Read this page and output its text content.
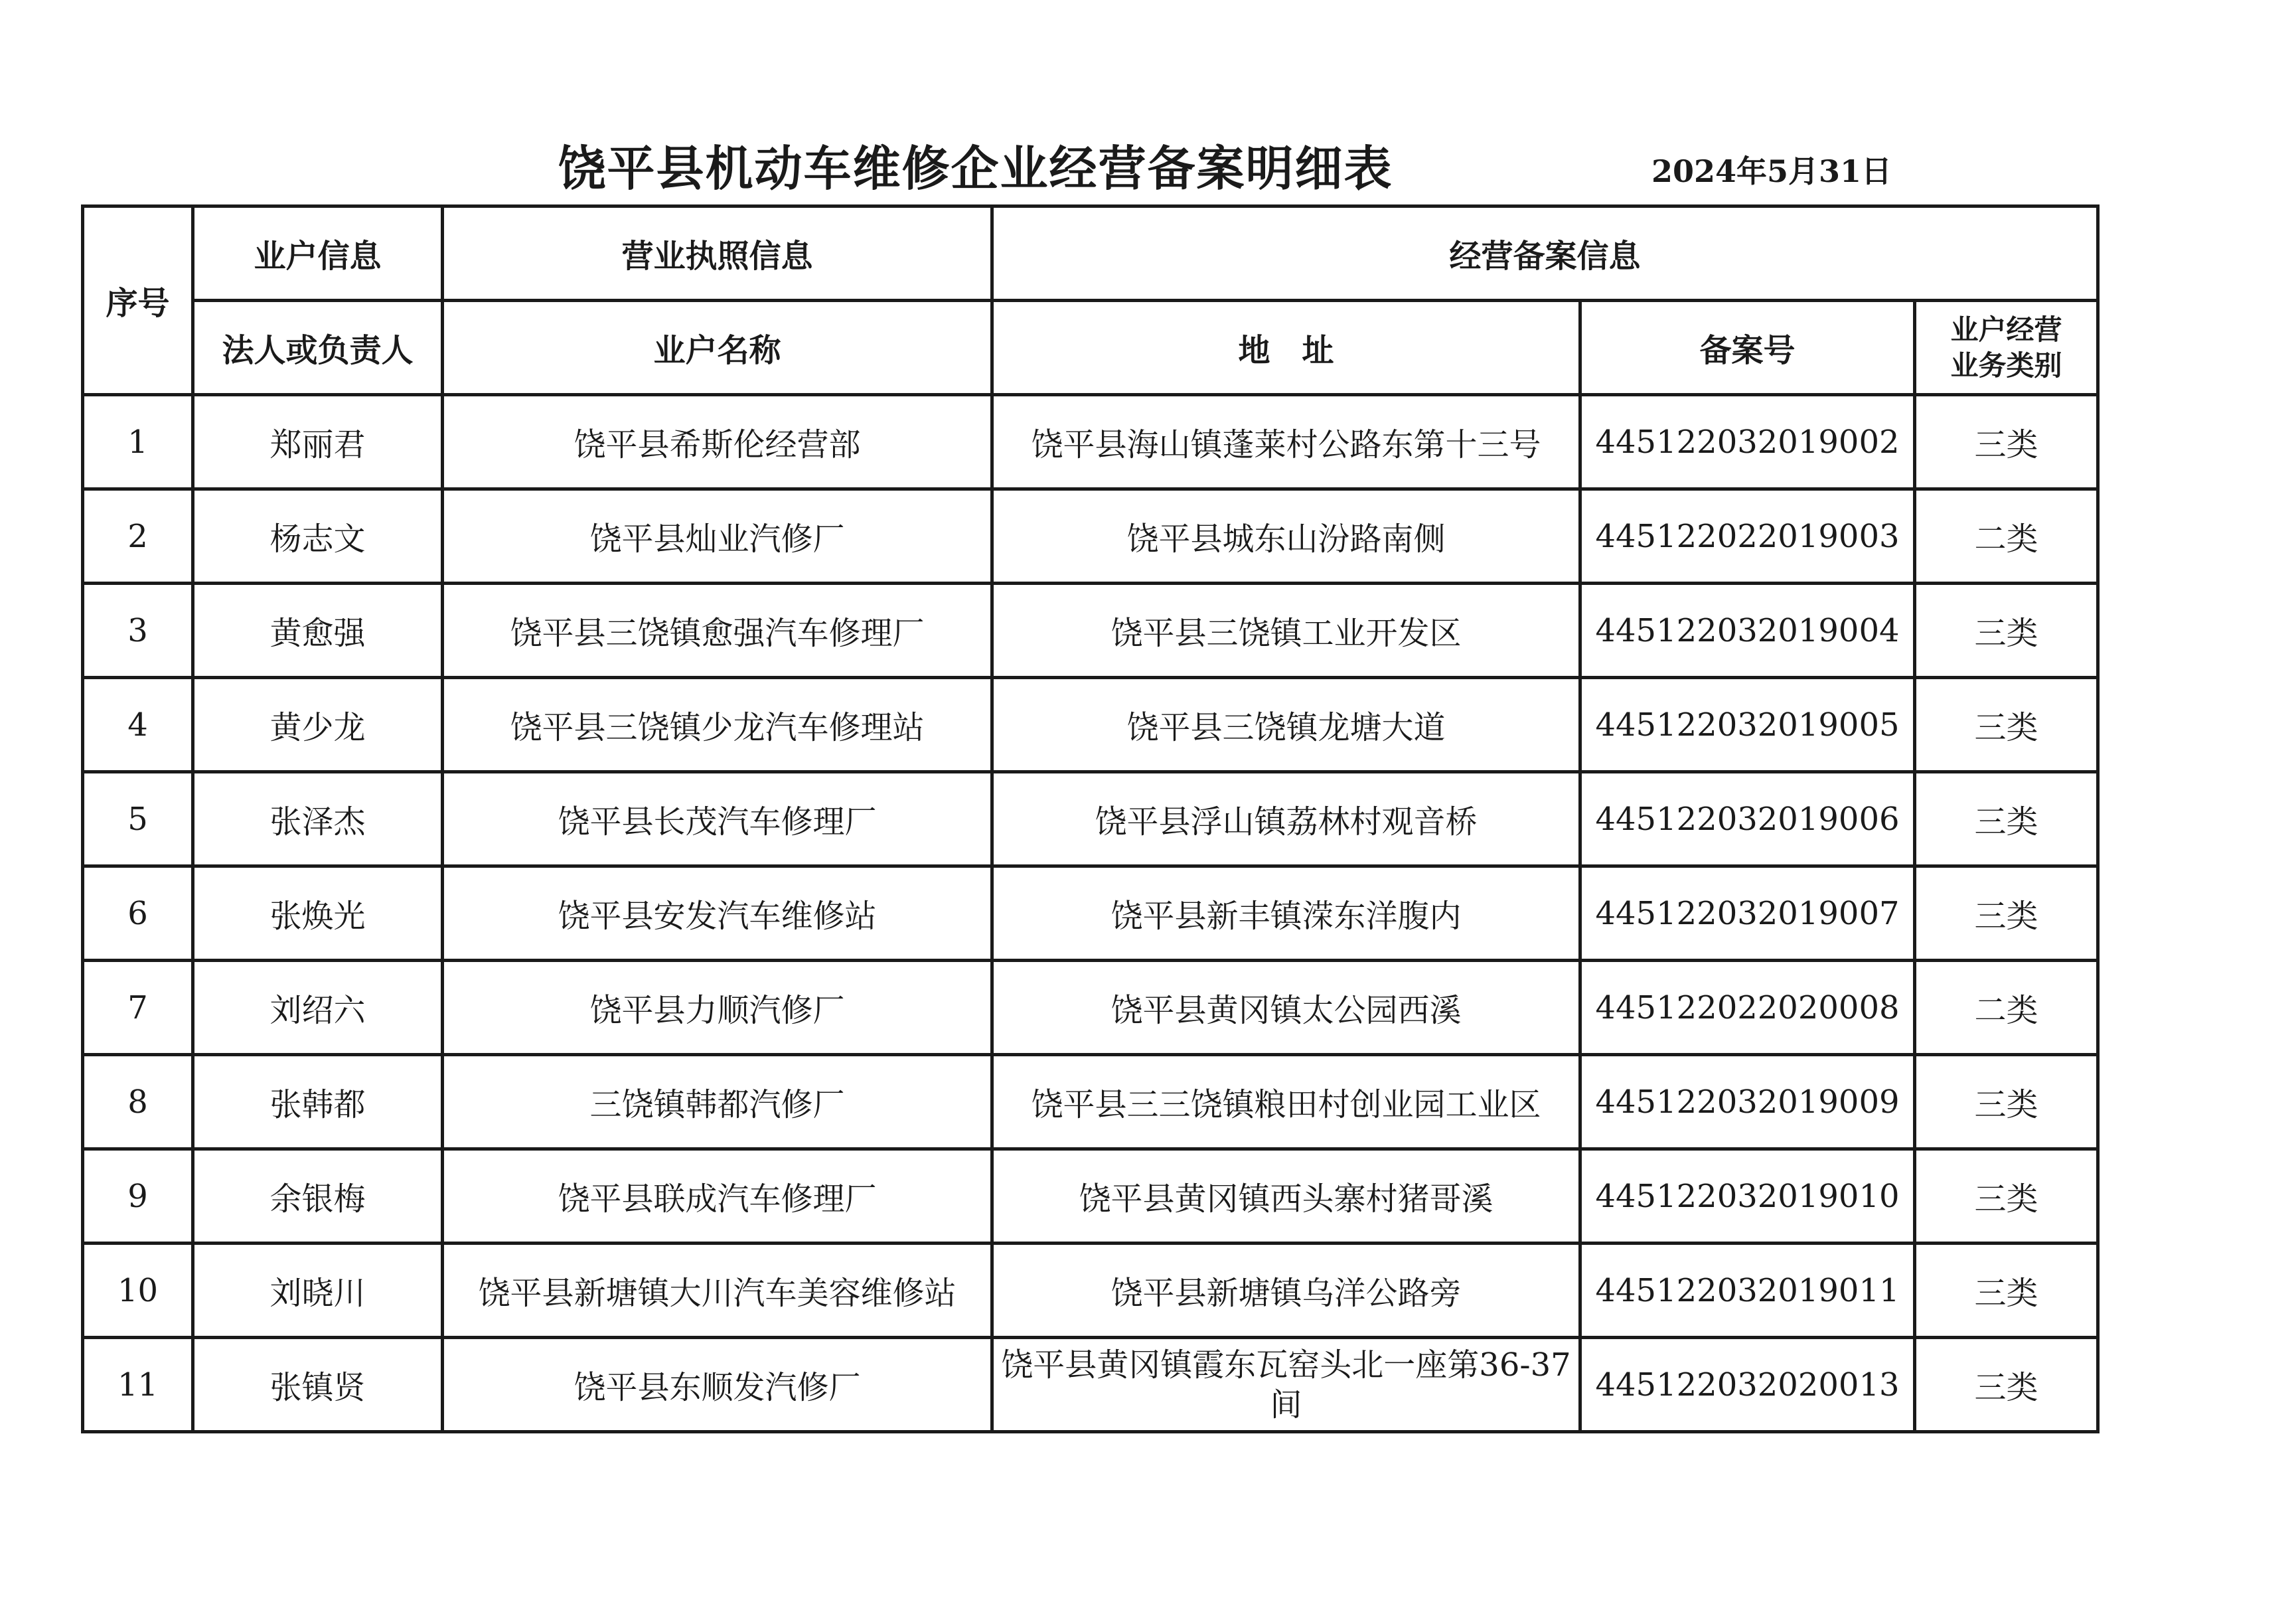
饶平县机动车维修企业经营备案明细表	2024年5月31日
序号	业户信息	营业执照信息	经营备案信息		
	法人或负责人	业户名称	地　址	备案号	业户经营
业务类别

1	郑丽君	饶平县希斯伦经营部	饶平县海山镇蓬莱村公路东第十三号	445122032019002	三类
2	杨志文	饶平县灿业汽修厂	饶平县城东山汾路南侧	445122022019003	二类
3	黄愈强	饶平县三饶镇愈强汽车修理厂	饶平县三饶镇工业开发区	445122032019004	三类
4	黄少龙	饶平县三饶镇少龙汽车修理站	饶平县三饶镇龙塘大道	445122032019005	三类
5	张泽杰	饶平县长茂汽车修理厂	饶平县浮山镇荔林村观音桥	445122032019006	三类
6	张焕光	饶平县安发汽车维修站	饶平县新丰镇溁东洋腹内	445122032019007	三类
7	刘绍六	饶平县力顺汽修厂	饶平县黄冈镇太公园西溪	445122022020008	二类
8	张韩都	三饶镇韩都汽修厂	饶平县三三饶镇粮田村创业园工业区	445122032019009	三类
9	余银梅	饶平县联成汽车修理厂	饶平县黄冈镇西头寨村猪哥溪	445122032019010	三类
10	刘晓川	饶平县新塘镇大川汽车美容维修站	饶平县新塘镇乌洋公路旁	445122032019011	三类
11	张镇贤	饶平县东顺发汽修厂	饶平县黄冈镇霞东瓦窑头北一座第36-37间	445122032020013	三类
